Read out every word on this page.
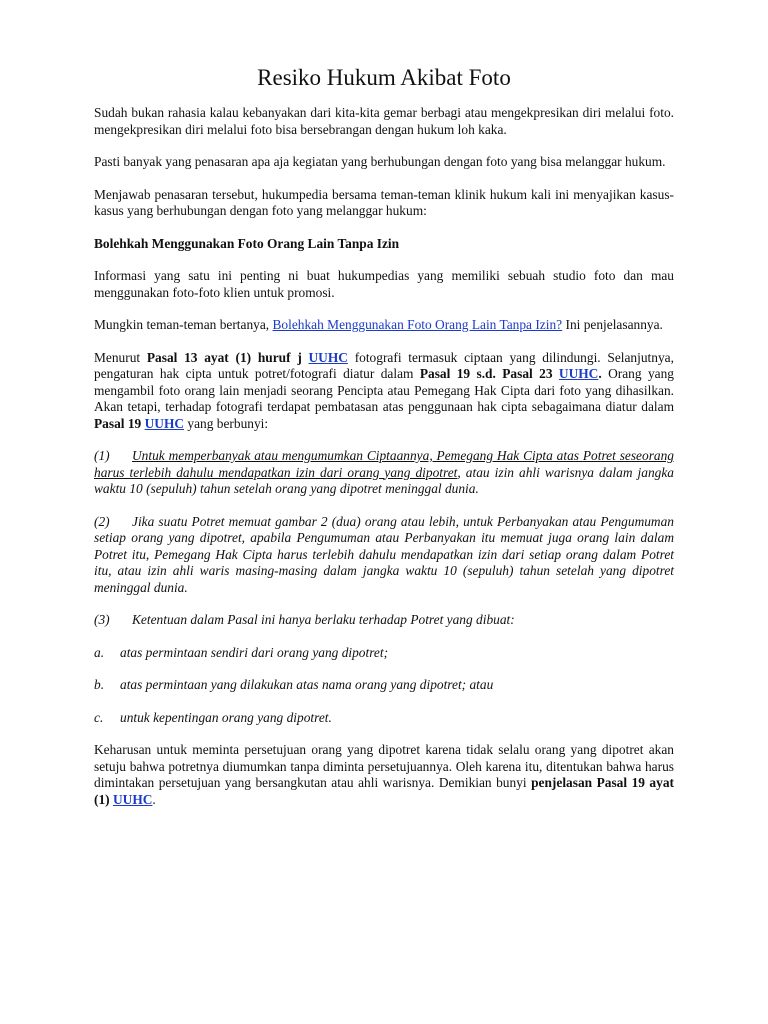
Resiko Hukum Akibat Foto

Sudah bukan rahasia kalau kebanyakan dari kita-kita gemar berbagi atau mengekpresikan diri melalui foto. mengekpresikan diri melalui foto bisa bersebrangan dengan hukum loh kaka.

Pasti banyak yang penasaran apa aja kegiatan yang berhubungan dengan foto yang bisa melanggar hukum.

Menjawab penasaran tersebut, hukumpedia bersama teman-teman klinik hukum kali ini menyajikan kasus-kasus yang berhubungan dengan foto yang melanggar hukum:

Bolehkah Menggunakan Foto Orang Lain Tanpa Izin

Informasi yang satu ini penting ni buat hukumpedias yang memiliki sebuah studio foto dan mau menggunakan foto-foto klien untuk promosi.

Mungkin teman-teman bertanya, Bolehkah Menggunakan Foto Orang Lain Tanpa Izin? Ini penjelasannya.

Menurut Pasal 13 ayat (1) huruf j UUHC fotografi termasuk ciptaan yang dilindungi. Selanjutnya, pengaturan hak cipta untuk potret/fotografi diatur dalam Pasal 19 s.d. Pasal 23 UUHC. Orang yang mengambil foto orang lain menjadi seorang Pencipta atau Pemegang Hak Cipta dari foto yang dihasilkan. Akan tetapi, terhadap fotografi terdapat pembatasan atas penggunaan hak cipta sebagaimana diatur dalam Pasal 19 UUHC yang berbunyi:

(1) Untuk memperbanyak atau mengumumkan Ciptaannya, Pemegang Hak Cipta atas Potret seseorang harus terlebih dahulu mendapatkan izin dari orang yang dipotret, atau izin ahli warisnya dalam jangka waktu 10 (sepuluh) tahun setelah orang yang dipotret meninggal dunia.

(2) Jika suatu Potret memuat gambar 2 (dua) orang atau lebih, untuk Perbanyakan atau Pengumuman setiap orang yang dipotret, apabila Pengumuman atau Perbanyakan itu memuat juga orang lain dalam Potret itu, Pemegang Hak Cipta harus terlebih dahulu mendapatkan izin dari setiap orang dalam Potret itu, atau izin ahli waris masing-masing dalam jangka waktu 10 (sepuluh) tahun setelah yang dipotret meninggal dunia.

(3) Ketentuan dalam Pasal ini hanya berlaku terhadap Potret yang dibuat:

a. atas permintaan sendiri dari orang yang dipotret;

b. atas permintaan yang dilakukan atas nama orang yang dipotret; atau

c. untuk kepentingan orang yang dipotret.

Keharusan untuk meminta persetujuan orang yang dipotret karena tidak selalu orang yang dipotret akan setuju bahwa potretnya diumumkan tanpa diminta persetujuannya. Oleh karena itu, ditentukan bahwa harus dimintakan persetujuan yang bersangkutan atau ahli warisnya. Demikian bunyi penjelasan Pasal 19 ayat (1) UUHC.
